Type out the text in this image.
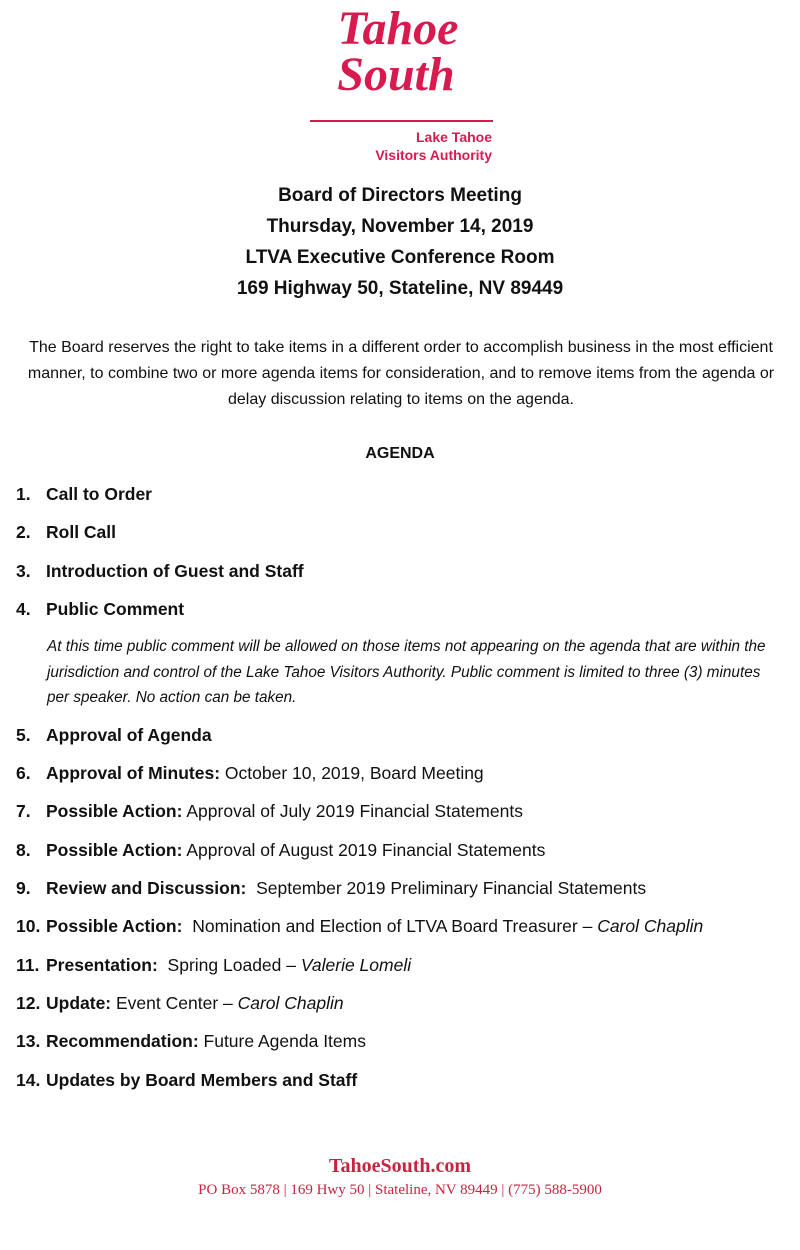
Tahoe
South
Lake Tahoe
Visitors Authority
Board of Directors Meeting
Thursday, November 14, 2019
LTVA Executive Conference Room
169 Highway 50, Stateline, NV 89449
The Board reserves the right to take items in a different order to accomplish business in the most efficient manner, to combine two or more agenda items for consideration, and to remove items from the agenda or delay discussion relating to items on the agenda.
AGENDA
1. Call to Order
2. Roll Call
3. Introduction of Guest and Staff
4. Public Comment
At this time public comment will be allowed on those items not appearing on the agenda that are within the jurisdiction and control of the Lake Tahoe Visitors Authority. Public comment is limited to three (3) minutes per speaker. No action can be taken.
5. Approval of Agenda
6. Approval of Minutes: October 10, 2019, Board Meeting
7. Possible Action: Approval of July 2019 Financial Statements
8. Possible Action: Approval of August 2019 Financial Statements
9. Review and Discussion:  September 2019 Preliminary Financial Statements
10. Possible Action:  Nomination and Election of LTVA Board Treasurer – Carol Chaplin
11. Presentation:  Spring Loaded – Valerie Lomeli
12. Update: Event Center – Carol Chaplin
13. Recommendation: Future Agenda Items
14. Updates by Board Members and Staff
TahoeSouth.com
PO Box 5878 | 169 Hwy 50 | Stateline, NV 89449 | (775) 588-5900
